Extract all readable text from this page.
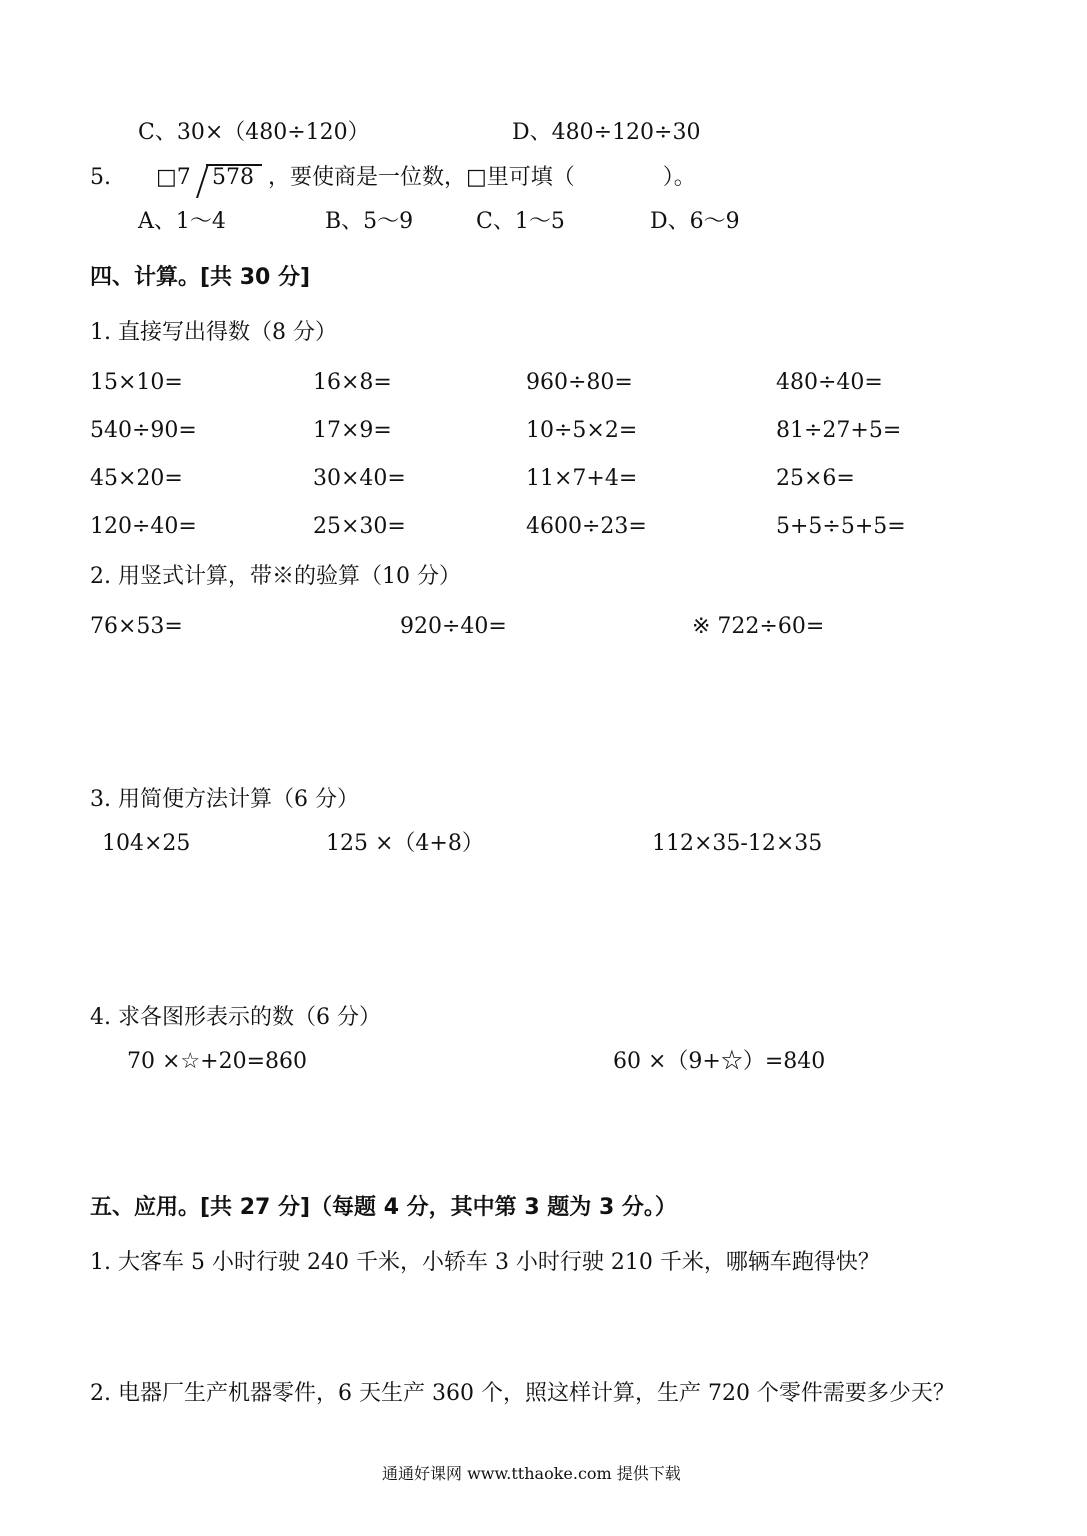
C、30×（480÷120）	D、480÷120÷30
5. □7 578 ，要使商是一位数，□里可填（　　　　）。
A、1～4	B、5～9	C、1～5	D、6～9
四、计算。[共 30 分]
1. 直接写出得数（8 分）
15×10=	16×8=	960÷80=	480÷40=
540÷90=	17×9=	10÷5×2=	81÷27+5=
45×20=	30×40=	11×7+4=	25×6=
120÷40=	25×30=	4600÷23=	5+5÷5+5=
2. 用竖式计算，带※的验算（10 分）
76×53=	920÷40=	※ 722÷60=
3. 用简便方法计算（6 分）
104×25	125 ×（4+8）	112×35-12×35
4. 求各图形表示的数（6 分）
70 ×☆+20=860	60 ×（9+☆）=840
五、应用。[共 27 分]（每题 4 分，其中第 3 题为 3 分。）
1. 大客车 5 小时行驶 240 千米，小轿车 3 小时行驶 210 千米，哪辆车跑得快？
2. 电器厂生产机器零件，6 天生产 360 个，照这样计算，生产 720 个零件需要多少天？
通通好课网 www.tthaoke.com 提供下载
